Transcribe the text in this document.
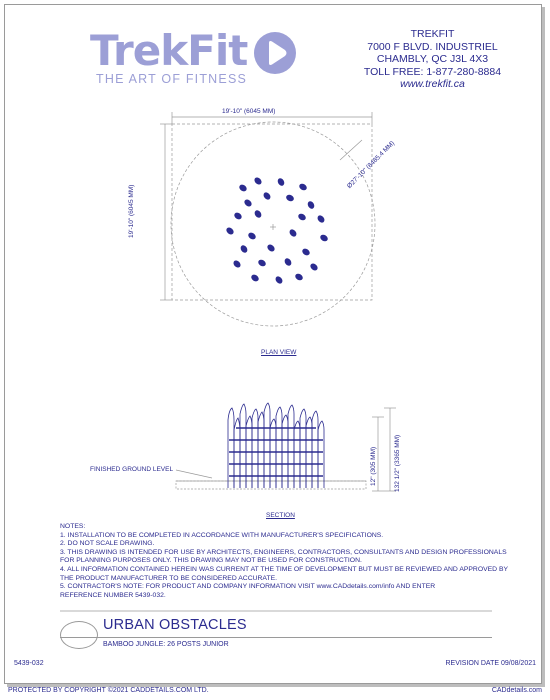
TrekFit
THE ART OF FITNESS
TREKFIT
7000 F BLVD. INDUSTRIEL
CHAMBLY, QC J3L 4X3
TOLL FREE: 1-877-280-8884
www.trekfit.ca
19'-10" (6045 MM)
19'-10" (6045 MM)
Ø27'-10" (8485.4 MM)
PLAN VIEW
FINISHED GROUND LEVEL	12" (305 MM)	132 1/2" (3365 MM)
SECTION
NOTES:
1. INSTALLATION TO BE COMPLETED IN ACCORDANCE WITH MANUFACTURER'S SPECIFICATIONS.
2. DO NOT SCALE DRAWING.
3. THIS DRAWING IS INTENDED FOR USE BY ARCHITECTS, ENGINEERS, CONTRACTORS, CONSULTANTS AND DESIGN PROFESSIONALS
FOR PLANNING PURPOSES ONLY. THIS DRAWING MAY NOT BE USED FOR CONSTRUCTION.
4. ALL INFORMATION CONTAINED HEREIN WAS CURRENT AT THE TIME OF DEVELOPMENT BUT MUST BE REVIEWED AND APPROVED BY
THE PRODUCT MANUFACTURER TO BE CONSIDERED ACCURATE.
5. CONTRACTOR'S NOTE: FOR PRODUCT AND COMPANY INFORMATION VISIT www.CADdetails.com/info AND ENTER
REFERENCE NUMBER 5439-032.
URBAN OBSTACLES
BAMBOO JUNGLE: 26 POSTS JUNIOR
5439-032	REVISION DATE 09/08/2021
PROTECTED BY COPYRIGHT ©2021 CADDETAILS.COM LTD.	CADdetails.com
